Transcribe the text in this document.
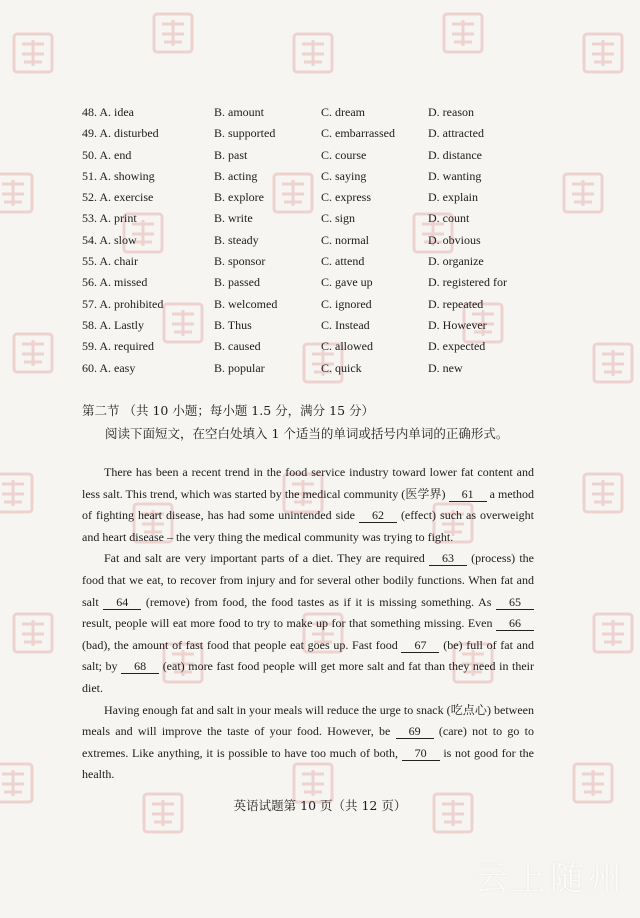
48. A. idea	B. amount	C. dream	D. reason
49. A. disturbed	B. supported	C. embarrassed	D. attracted
50. A. end	B. past	C. course	D. distance
51. A. showing	B. acting	C. saying	D. wanting
52. A. exercise	B. explore	C. express	D. explain
53. A. print	B. write	C. sign	D. count
54. A. slow	B. steady	C. normal	D. obvious
55. A. chair	B. sponsor	C. attend	D. organize
56. A. missed	B. passed	C. gave up	D. registered for
57. A. prohibited	B. welcomed	C. ignored	D. repeated
58. A. Lastly	B. Thus	C. Instead	D. However
59. A. required	B. caused	C. allowed	D. expected
60. A. easy	B. popular	C. quick	D. new
第二节 （共 10 小题；每小题 1.5 分，满分 15 分）
阅读下面短文，在空白处填入 1 个适当的单词或括号内单词的正确形式。

There has been a recent trend in the food service industry toward lower fat content and less salt. This trend, which was started by the medical community (医学界) 61 a method of fighting heart disease, has had some unintended side 62 (effect) such as overweight and heart disease – the very thing the medical community was trying to fight.

Fat and salt are very important parts of a diet. They are required 63 (process) the food that we eat, to recover from injury and for several other bodily functions. When fat and salt 64 (remove) from food, the food tastes as if it is missing something. As 65 result, people will eat more food to try to make up for that something missing. Even 66 (bad), the amount of fast food that people eat goes up. Fast food 67 (be) full of fat and salt; by 68 (eat) more fast food people will get more salt and fat than they need in their diet.

Having enough fat and salt in your meals will reduce the urge to snack (吃点心) between meals and will improve the taste of your food. However, be 69 (care) not to go to extremes. Like anything, it is possible to have too much of both, 70 is not good for the health.

英语试题第 10 页（共 12 页）
云上随州
